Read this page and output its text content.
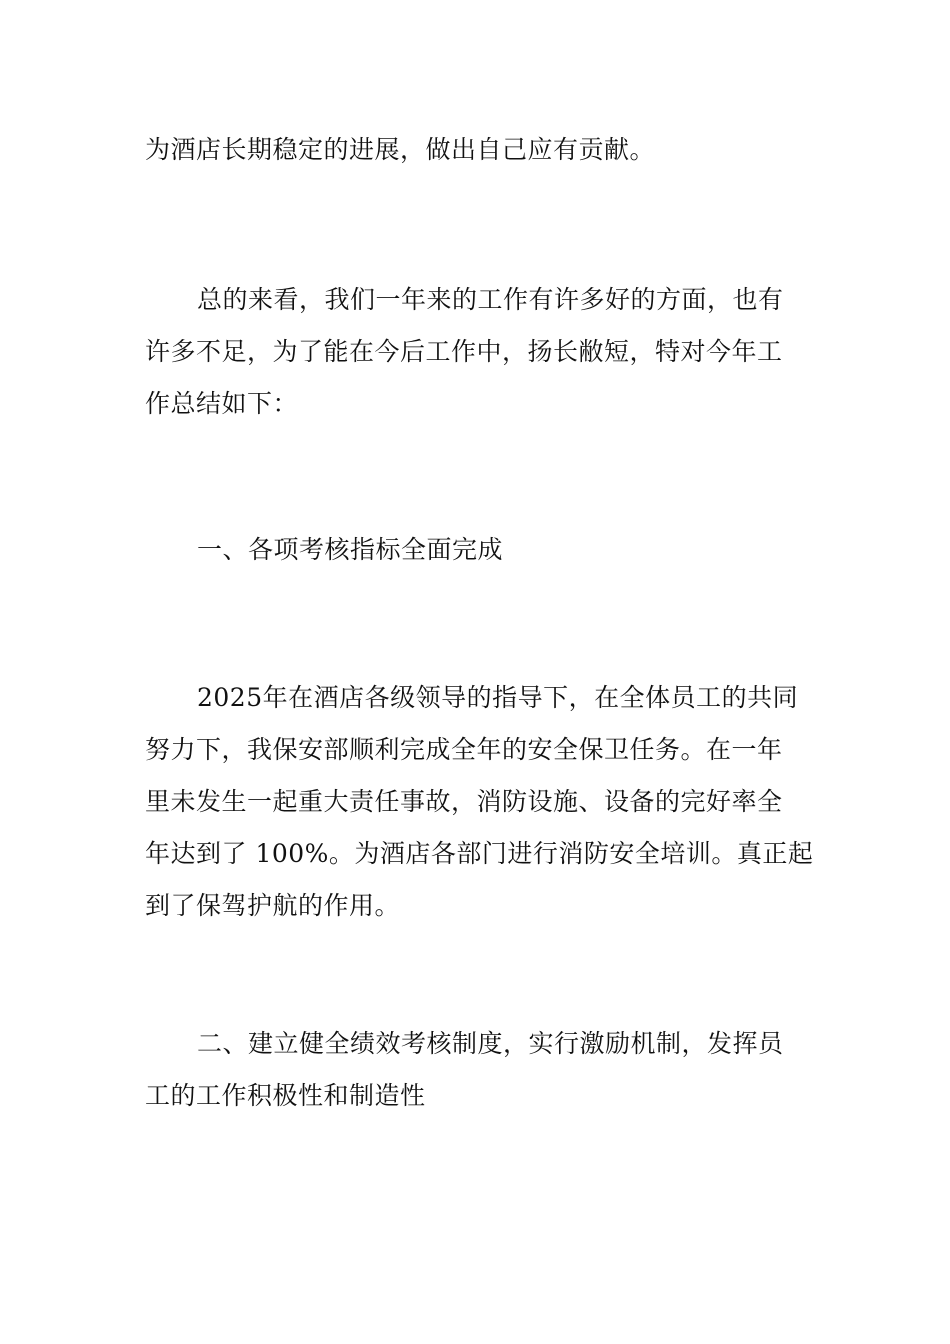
为酒店长期稳定的进展，做出自己应有贡献。
总的来看，我们一年来的工作有许多好的方面，也有
许多不足，为了能在今后工作中，扬长敝短，特对今年工
作总结如下：
一、各项考核指标全面完成
2025年在酒店各级领导的指导下，在全体员工的共同
努力下，我保安部顺利完成全年的安全保卫任务。在一年
里未发生一起重大责任事故，消防设施、设备的完好率全
年达到了 100%。为酒店各部门进行消防安全培训。真正起
到了保驾护航的作用。
二、建立健全绩效考核制度，实行激励机制，发挥员
工的工作积极性和制造性
